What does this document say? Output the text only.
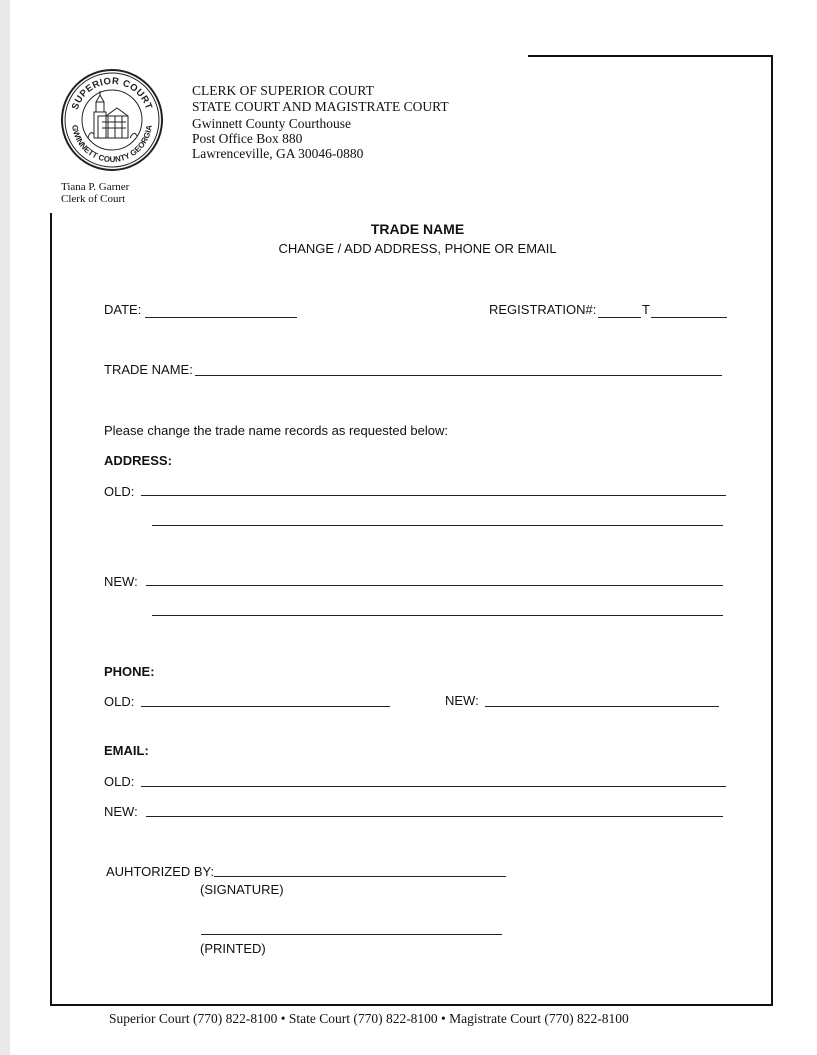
SUPERIOR COURT
GWINNETT COUNTY GEORGIA
CLERK OF SUPERIOR COURT
STATE COURT AND MAGISTRATE COURT
Gwinnett County Courthouse
Post Office Box 880
Lawrenceville, GA 30046-0880
Tiana P. Garner
Clerk of Court
TRADE NAME
CHANGE / ADD ADDRESS, PHONE OR EMAIL
DATE:	REGISTRATION#:	T
TRADE NAME:
Please change the trade name records as requested below:
ADDRESS:
OLD:
NEW:
PHONE:
OLD:	NEW:
EMAIL:
OLD:
NEW:
AUHTORIZED BY:
(SIGNATURE)
(PRINTED)
Superior Court (770) 822-8100 • State Court (770) 822-8100 • Magistrate Court (770) 822-8100
